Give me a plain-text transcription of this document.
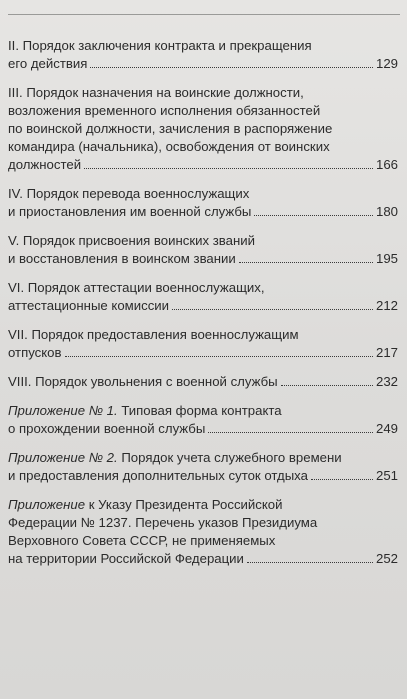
II. Порядок заключения контракта и прекращения
его действия	129
III. Порядок назначения на воинские должности,
возложения временного исполнения обязанностей
по воинской должности, зачисления в распоряжение
командира (начальника), освобождения от воинских
должностей	166
IV. Порядок перевода военнослужащих
и приостановления им военной службы	180
V. Порядок присвоения воинских званий
и восстановления в воинском звании	195
VI. Порядок аттестации военнослужащих,
аттестационные комиссии	212
VII. Порядок предоставления военнослужащим
отпусков	217
VIII. Порядок увольнения с военной службы	232
Приложение № 1. Типовая форма контракта
о прохождении военной службы	249
Приложение № 2. Порядок учета служебного времени
и предоставления дополнительных суток отдыха	251
Приложение к Указу Президента Российской
Федерации № 1237. Перечень указов Президиума
Верховного Совета СССР, не применяемых
на территории Российской Федерации	252
